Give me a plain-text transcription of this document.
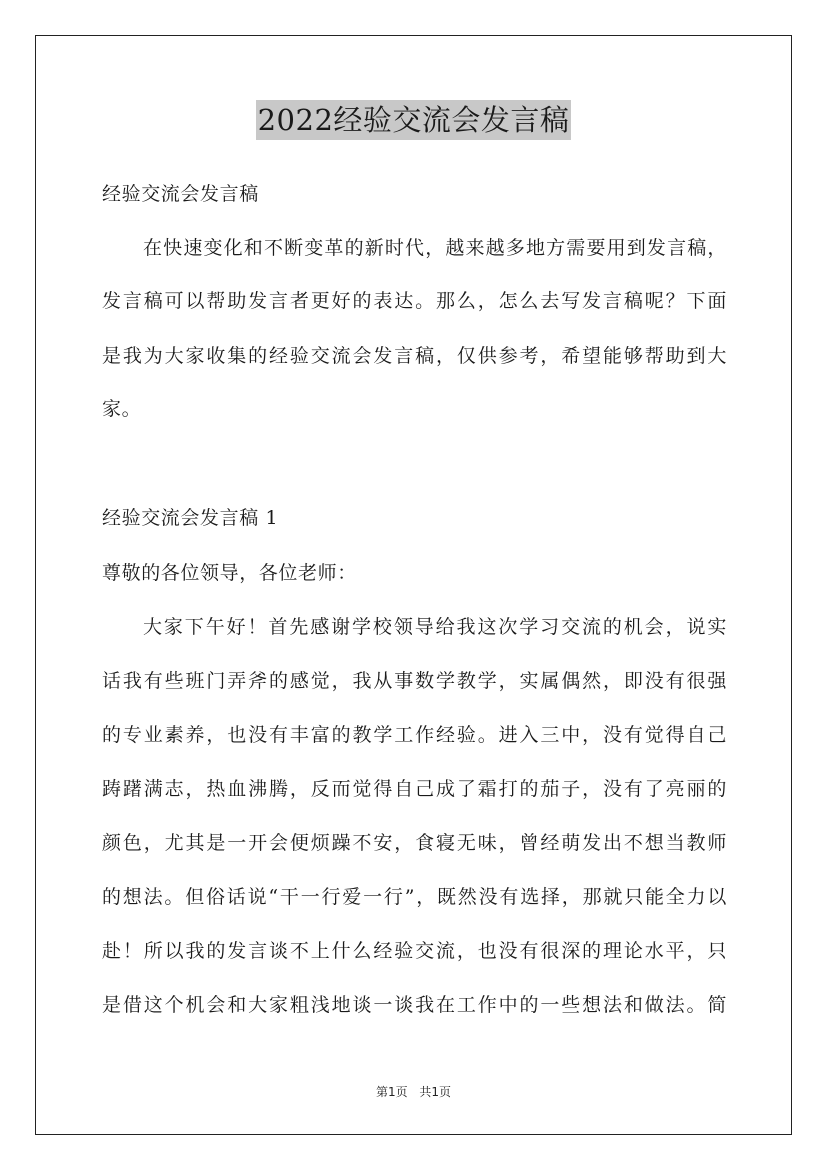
2022经验交流会发言稿
经验交流会发言稿
在快速变化和不断变革的新时代，越来越多地方需要用到发言稿，
发言稿可以帮助发言者更好的表达。那么，怎么去写发言稿呢？下面
是我为大家收集的经验交流会发言稿，仅供参考，希望能够帮助到大
家。
经验交流会发言稿 1
尊敬的各位领导，各位老师：
大家下午好！首先感谢学校领导给我这次学习交流的机会，说实
话我有些班门弄斧的感觉，我从事数学教学，实属偶然，即没有很强
的专业素养，也没有丰富的教学工作经验。进入三中，没有觉得自己
踌躇满志，热血沸腾，反而觉得自己成了霜打的茄子，没有了亮丽的
颜色，尤其是一开会便烦躁不安，食寝无味，曾经萌发出不想当教师
的想法。但俗话说“干一行爱一行”，既然没有选择，那就只能全力以
赴！所以我的发言谈不上什么经验交流，也没有很深的理论水平，只
是借这个机会和大家粗浅地谈一谈我在工作中的一些想法和做法。简
第1页 共1页
